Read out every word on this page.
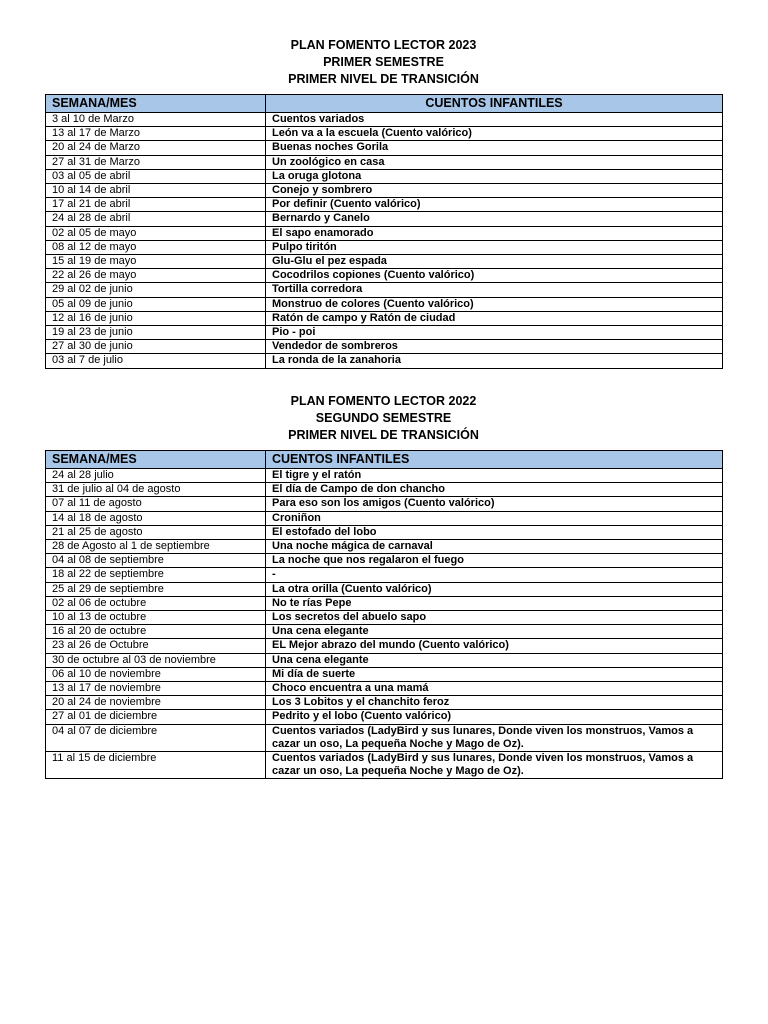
PLAN FOMENTO LECTOR 2023
PRIMER SEMESTRE
PRIMER NIVEL DE TRANSICIÓN
SEMANA/MES	CUENTOS INFANTILES
3 al 10 de Marzo	Cuentos variados
13 al 17 de Marzo	León va a la escuela (Cuento valórico)
20 al 24 de Marzo	Buenas noches Gorila
27 al 31 de Marzo	Un zoológico en casa
03 al 05 de abril	La oruga glotona
10 al 14 de abril	Conejo y sombrero
17 al 21 de abril	Por definir (Cuento valórico)
24 al 28 de abril	Bernardo y Canelo
02 al 05 de mayo	El sapo enamorado
08 al 12 de mayo	Pulpo tiritón
15 al 19 de mayo	Glu-Glu el pez espada
22 al 26 de mayo	Cocodrilos copiones (Cuento valórico)
29 al 02 de junio	Tortilla corredora
05 al 09 de junio	Monstruo de colores (Cuento valórico)
12 al 16 de junio	Ratón de campo y Ratón de ciudad
19 al 23 de junio	Pio - poi
27 al 30 de junio	Vendedor de sombreros
03 al 7 de julio	La ronda de la zanahoria
PLAN FOMENTO LECTOR 2022
SEGUNDO SEMESTRE
PRIMER NIVEL DE TRANSICIÓN
SEMANA/MES	CUENTOS INFANTILES
24 al 28 julio	El tigre y el ratón
31 de julio al 04 de agosto	El día de Campo de don chancho
07 al 11 de agosto	Para eso son los amigos (Cuento valórico)
14 al 18 de agosto	Croniñon
21 al 25 de agosto	El estofado del lobo
28 de Agosto al 1 de septiembre	Una noche mágica de carnaval
04 al 08 de septiembre	La noche que nos regalaron el fuego
18 al 22 de septiembre	-
25 al 29 de septiembre	La otra orilla (Cuento valórico)
02 al 06 de octubre	No te rías Pepe
10 al 13 de octubre	Los secretos del abuelo sapo
16 al 20 de octubre	Una cena elegante
23 al 26 de Octubre	EL Mejor abrazo del mundo (Cuento valórico)
30 de octubre al 03 de noviembre	Una cena elegante
06 al 10 de noviembre	Mi día de suerte
13 al 17 de noviembre	Choco encuentra a una mamá
20 al 24 de noviembre	Los 3 Lobitos y el chanchito feroz
27 al 01 de diciembre	Pedrito y el lobo (Cuento valórico)
04 al 07 de diciembre	Cuentos variados (LadyBird y sus lunares, Donde viven los monstruos, Vamos a cazar un oso, La pequeña Noche y Mago de Oz).
11 al 15 de diciembre	Cuentos variados (LadyBird y sus lunares, Donde viven los monstruos, Vamos a cazar un oso, La pequeña Noche y Mago de Oz).
